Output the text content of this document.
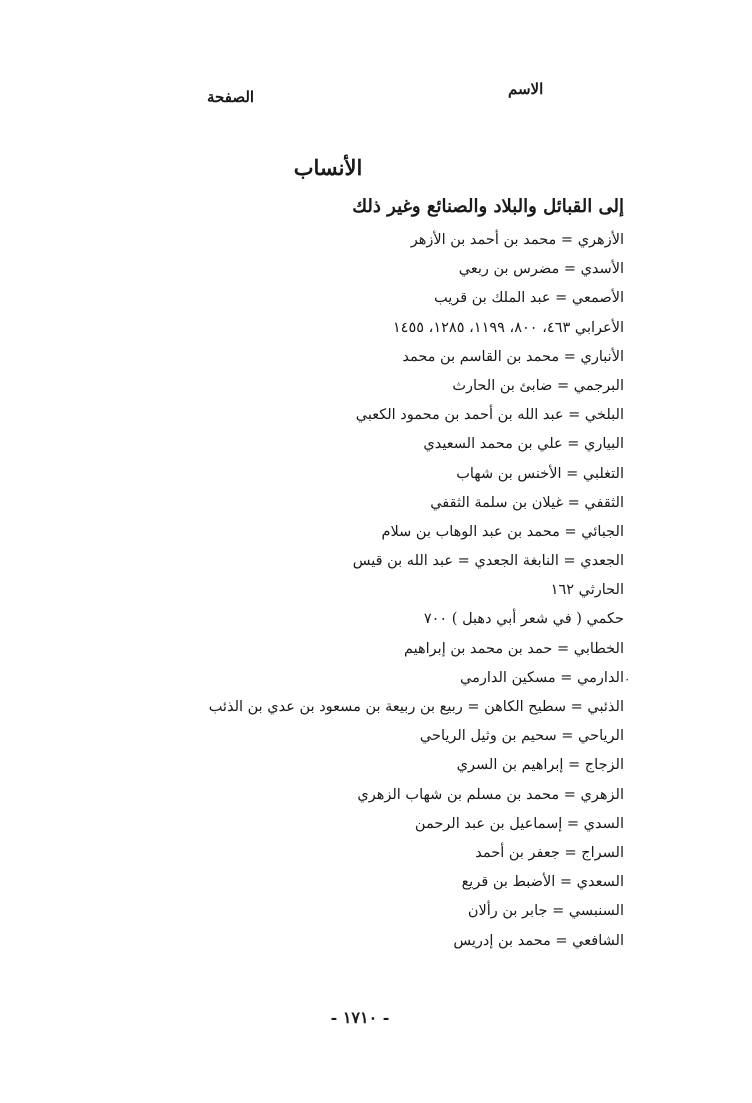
الاسم
الصفحة
الأنساب
إلى القبائل والبلاد والصنائع وغير ذلك
الأزهري = محمد بن أحمد بن الأزهر
الأسدي = مضرس بن ربعي
الأصمعي = عبد الملك بن قريب
الأعرابي ٤٦٣، ٨٠٠، ١١٩٩، ١٢٨٥، ١٤٥٥
الأنباري = محمد بن القاسم بن محمد
البرجمي = ضابئ بن الحارث
البلخي = عبد الله بن أحمد بن محمود الكعبي
البياري = علي بن محمد السعيدي
التغلبي = الأخنس بن شهاب
الثقفي = غيلان بن سلمة الثقفي
الجبائي = محمد بن عبد الوهاب بن سلام
الجعدي = النابغة الجعدي = عبد الله بن قيس
الحارثي ١٦٢
حكمي ( في شعر أبي دهبل ) ٧٠٠
الخطابي = حمد بن محمد بن إبراهيم
الدارمي = مسكين الدارمي
الذئبي = سطيح الكاهن = ربيع بن ربيعة بن مسعود بن عدي بن الذئب
الرياحي = سحيم بن وثيل الرياحي
الزجاج = إبراهيم بن السري
الزهري = محمد بن مسلم بن شهاب الزهري
السدي = إسماعيل بن عبد الرحمن
السراج = جعفر بن أحمد
السعدي = الأضبط بن قريع
السنبسي = جابر بن رألان
الشافعي = محمد بن إدريس
٠
- ١٧١٠ -
